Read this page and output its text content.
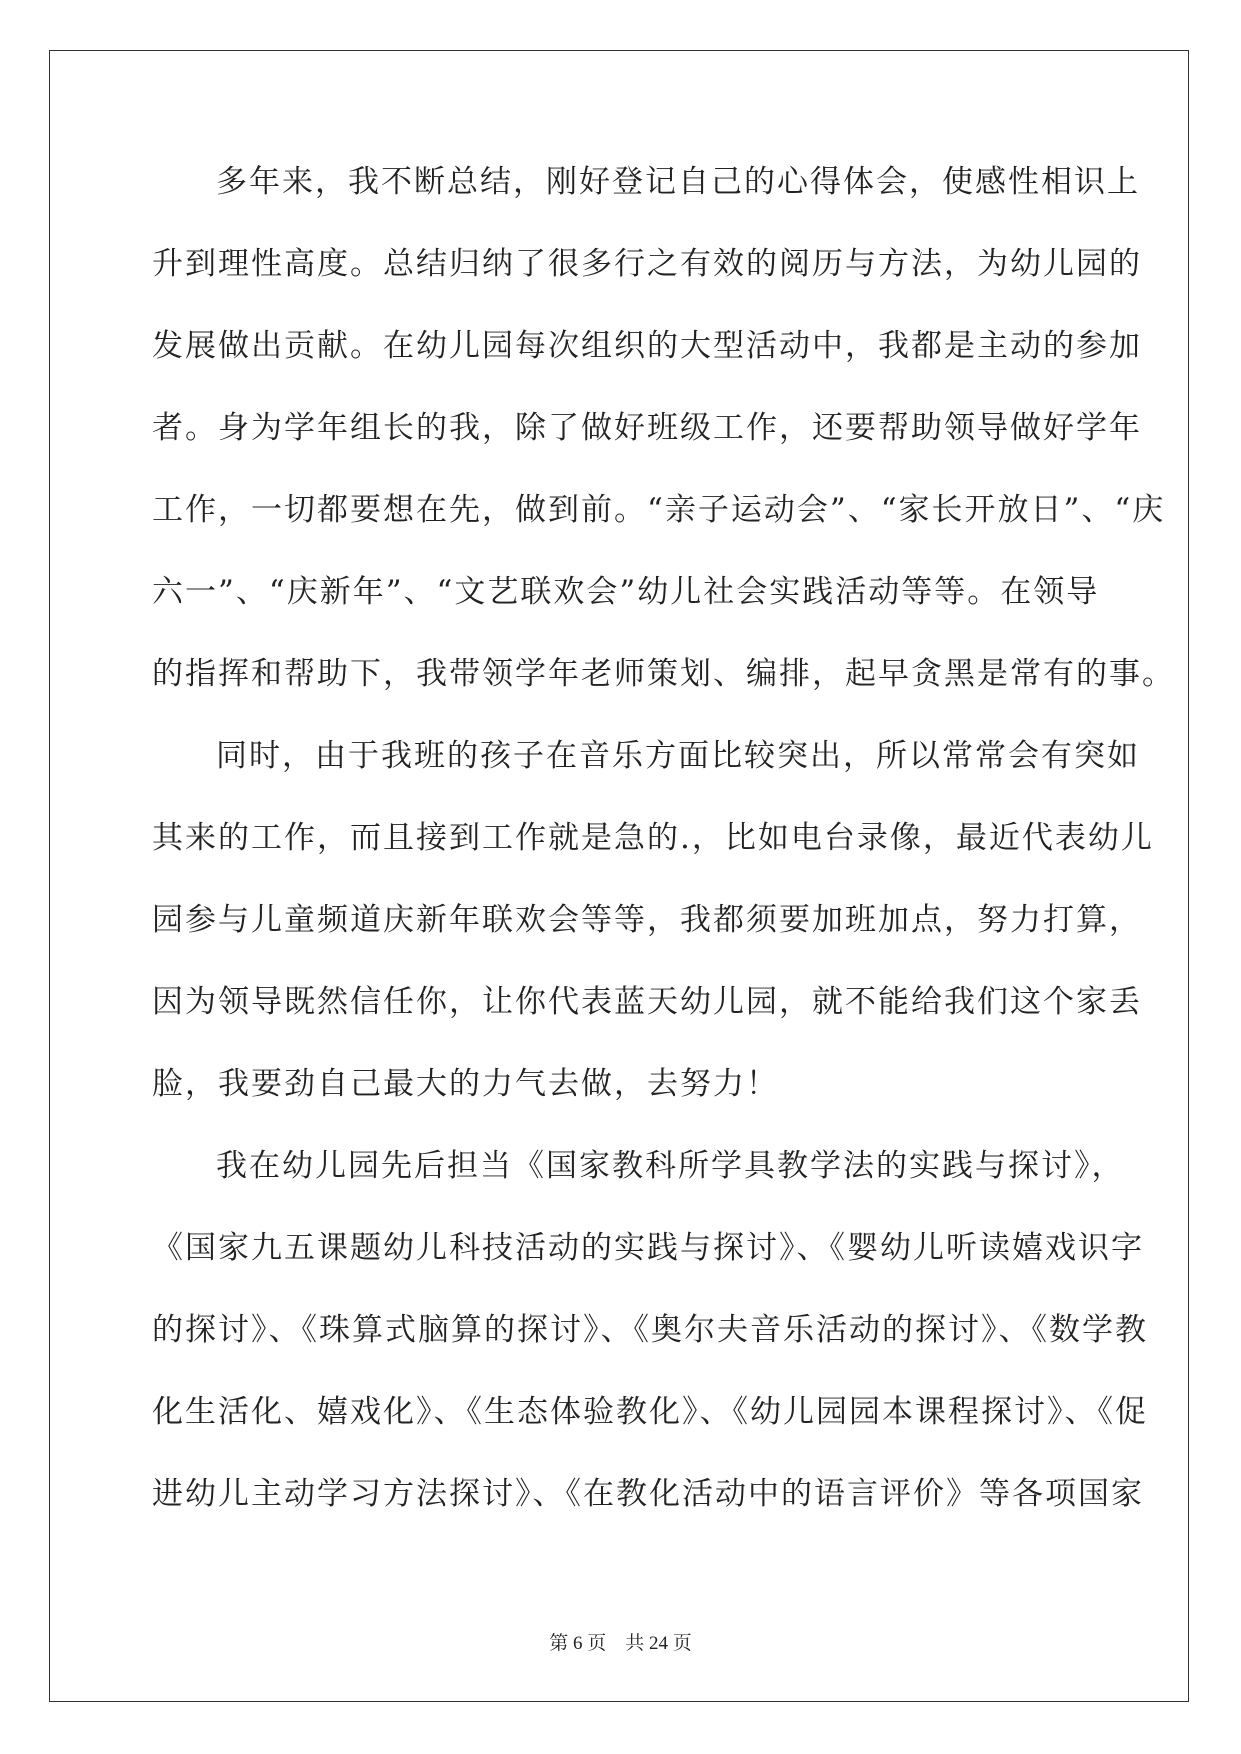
多年来，我不断总结，刚好登记自己的心得体会，使感性相识上
升到理性高度。总结归纳了很多行之有效的阅历与方法，为幼儿园的
发展做出贡献。在幼儿园每次组织的大型活动中，我都是主动的参加
者。身为学年组长的我，除了做好班级工作，还要帮助领导做好学年
工作，一切都要想在先，做到前。“亲子运动会”、“家长开放日”、“庆
六一”、“庆新年”、“文艺联欢会”幼儿社会实践活动等等。在领导
的指挥和帮助下，我带领学年老师策划、编排，起早贪黑是常有的事。
同时，由于我班的孩子在音乐方面比较突出，所以常常会有突如
其来的工作，而且接到工作就是急的.，比如电台录像，最近代表幼儿
园参与儿童频道庆新年联欢会等等，我都须要加班加点，努力打算，
因为领导既然信任你，让你代表蓝天幼儿园，就不能给我们这个家丢
脸，我要劲自己最大的力气去做，去努力！
我在幼儿园先后担当《国家教科所学具教学法的实践与探讨》，
《国家九五课题幼儿科技活动的实践与探讨》、《婴幼儿听读嬉戏识字
的探讨》、《珠算式脑算的探讨》、《奥尔夫音乐活动的探讨》、《数学教
化生活化、嬉戏化》、《生态体验教化》、《幼儿园园本课程探讨》、《促
进幼儿主动学习方法探讨》、《在教化活动中的语言评价》等各项国家
第 6 页    共 24 页
